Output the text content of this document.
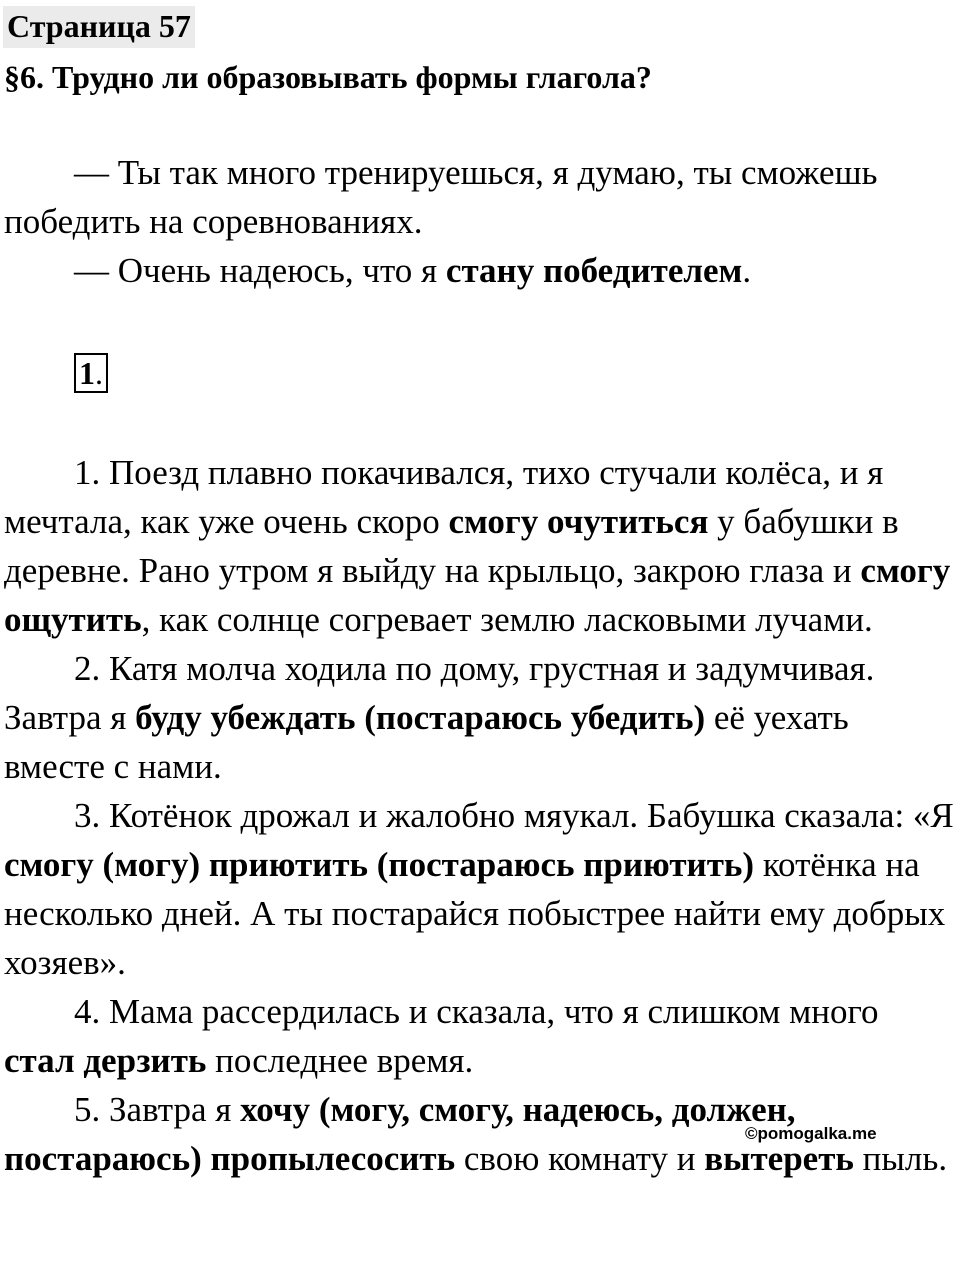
Страница 57
§6. Трудно ли образовывать формы глагола?

— Ты так много тренируешься, я думаю, ты сможешь победить на соревнованиях.

— Очень надеюсь, что я стану победителем.

1.

1. Поезд плавно покачивался, тихо стучали колёса, и я мечтала, как уже очень скоро смогу очутиться у бабушки в деревне. Рано утром я выйду на крыльцо, закрою глаза и смогу ощутить, как солнце согревает землю ласковыми лучами.

2. Катя молча ходила по дому, грустная и задумчивая. Завтра я буду убеждать (постараюсь убедить) её уехать вместе с нами.

3. Котёнок дрожал и жалобно мяукал. Бабушка сказала: «Я смогу (могу) приютить (постараюсь приютить) котёнка на несколько дней. А ты постарайся побыстрее найти ему добрых хозяев».

4. Мама рассердилась и сказала, что я слишком много стал дерзить последнее время.

5. Завтра я хочу (могу, смогу, надеюсь, должен, постараюсь) пропылесосить свою комнату и вытереть пыль.

©pomogalka.me
